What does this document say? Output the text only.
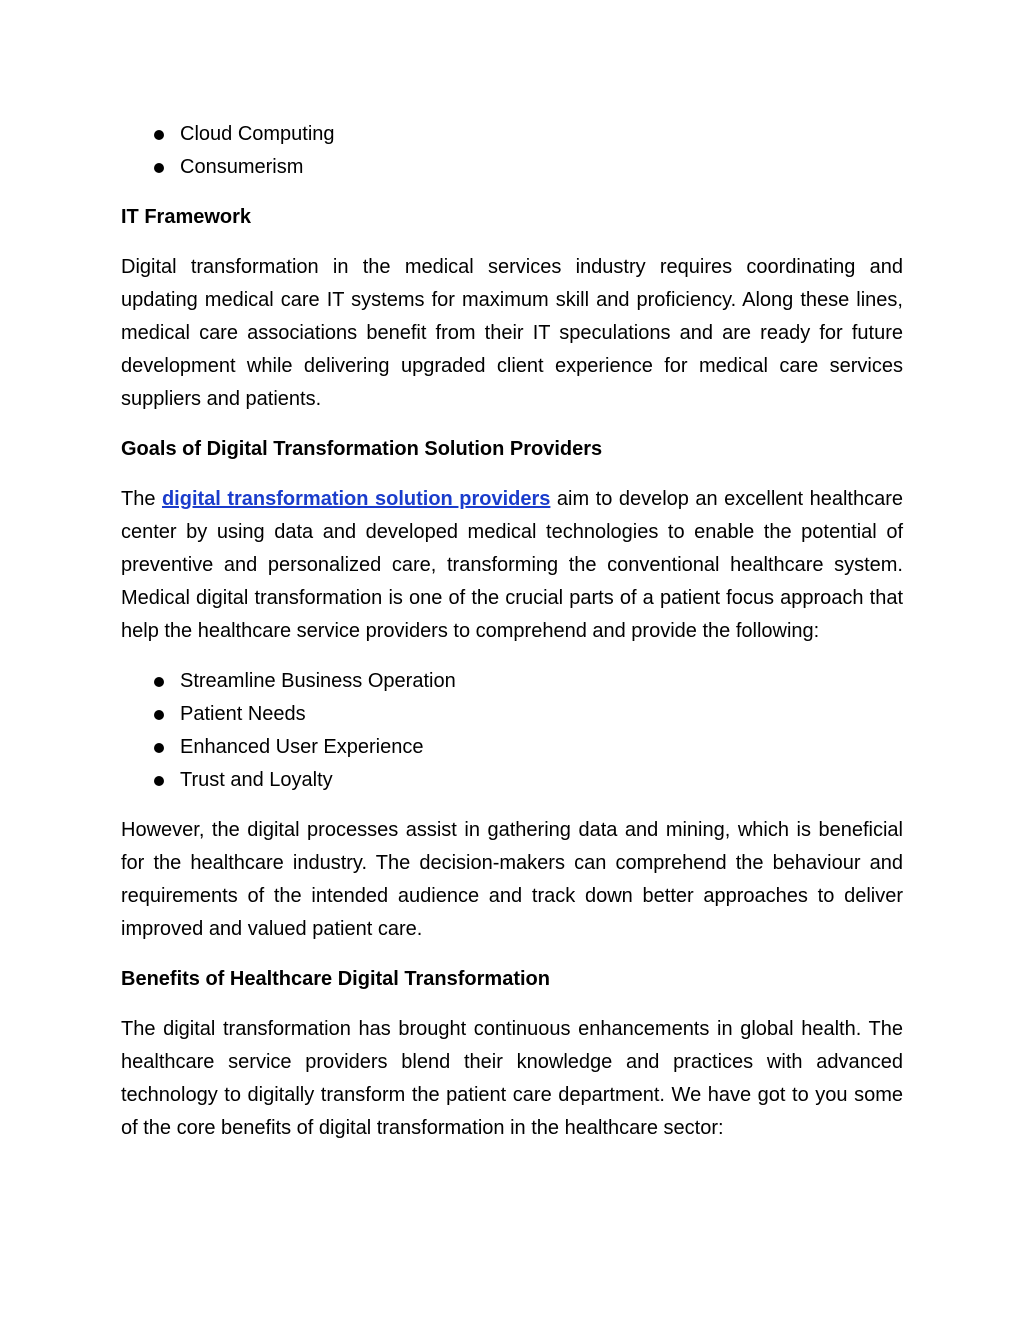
Cloud Computing
Consumerism
IT Framework

Digital transformation in the medical services industry requires coordinating and updating medical care IT systems for maximum skill and proficiency. Along these lines, medical care associations benefit from their IT speculations and are ready for future development while delivering upgraded client experience for medical care services suppliers and patients.

Goals of Digital Transformation Solution Providers

The digital transformation solution providers aim to develop an excellent healthcare center by using data and developed medical technologies to enable the potential of preventive and personalized care, transforming the conventional healthcare system. Medical digital transformation is one of the crucial parts of a patient focus approach that help the healthcare service providers to comprehend and provide the following:

Streamline Business Operation
Patient Needs
Enhanced User Experience
Trust and Loyalty

However, the digital processes assist in gathering data and mining, which is beneficial for the healthcare industry. The decision-makers can comprehend the behaviour and requirements of the intended audience and track down better approaches to deliver improved and valued patient care.

Benefits of Healthcare Digital Transformation

The digital transformation has brought continuous enhancements in global health. The healthcare service providers blend their knowledge and practices with advanced technology to digitally transform the patient care department. We have got to you some of the core benefits of digital transformation in the healthcare sector:
